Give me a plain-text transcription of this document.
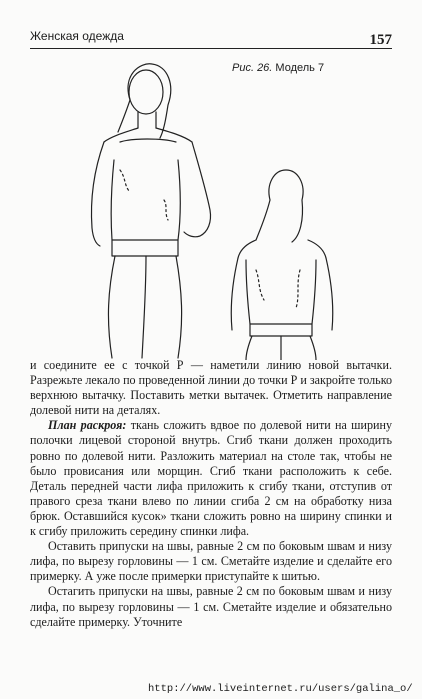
Женская одежда	157
Рис. 26. Модель 7

и соедините ее с точкой Р — наметили линию новой вытачки. Разрежьте лекало по проведенной линии до точки Р и закройте только верхнюю вытачку. Поставить метки вытачек. Отметить направление долевой нити на деталях.

План раскроя: ткань сложить вдвое по долевой нити на ширину полочки лицевой стороной внутрь. Сгиб ткани должен проходить ровно по долевой нити. Разложить материал на столе так, чтобы не было провисания или морщин. Сгиб ткани расположить к себе. Деталь передней части лифа приложить к сгибу ткани, отступив от правого среза ткани влево по линии сгиба 2 см на обработку низа брюк. Оставшийся кусок» ткани сложить ровно на ширину спинки и к сгибу приложить середину спинки лифа.

Оставить припуски на швы, равные 2 см по боковым швам и низу лифа, по вырезу горловины — 1 см. Сметайте изделие и сделайте его примерку. А уже после примерки приступайте к шитью.

Остагить припуски на швы, равные 2 см по боковым швам и низу лифа, по вырезу горловины — 1 см. Сметайте изделие и обязательно сделайте примерку. Уточните

http://www.liveinternet.ru/users/galina_o/
